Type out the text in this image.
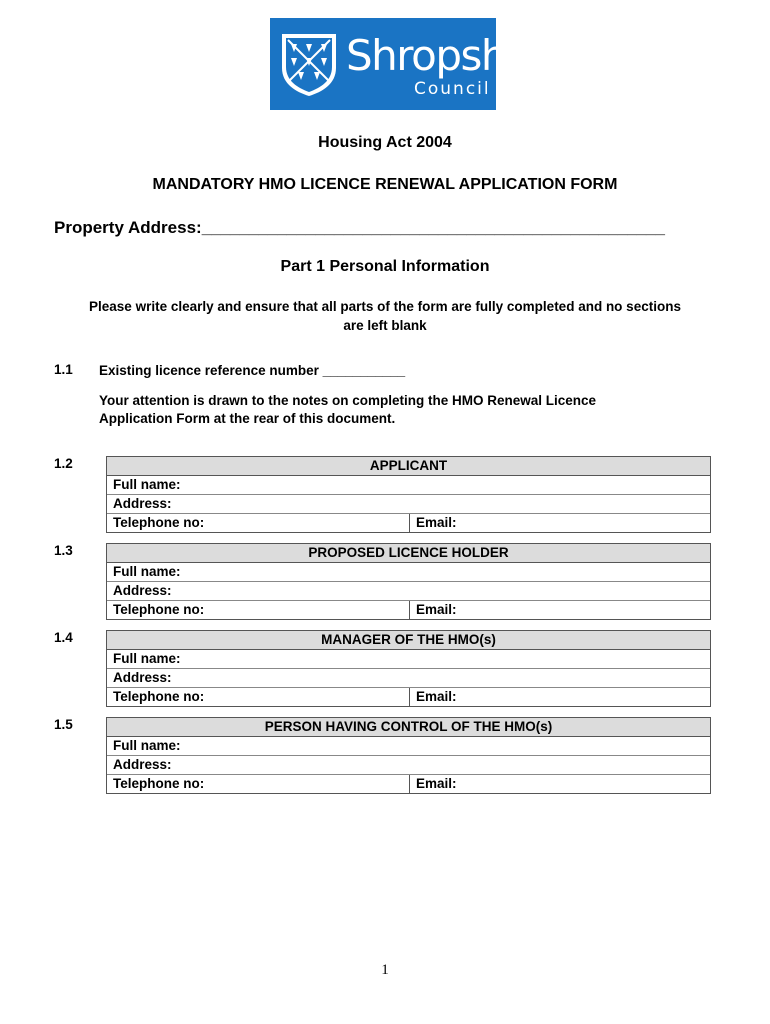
Shropshire
Council
Housing Act 2004
MANDATORY HMO LICENCE RENEWAL APPLICATION FORM
Property Address:_________________________________________________
Part 1 Personal Information
Please write clearly and ensure that all parts of the form are fully completed and no sections are left blank
1.1 Existing licence reference number ___________
Your attention is drawn to the notes on completing the HMO Renewal Licence
Application Form at the rear of this document.
1.2	APPLICANT
Full name:
Address:
Telephone no:	Email:
1.3	PROPOSED LICENCE HOLDER
Full name:
Address:
Telephone no:	Email:
1.4	MANAGER OF THE HMO(s)
Full name:
Address:
Telephone no:	Email:
1.5	PERSON HAVING CONTROL OF THE HMO(s)
Full name:
Address:
Telephone no:	Email:
1
